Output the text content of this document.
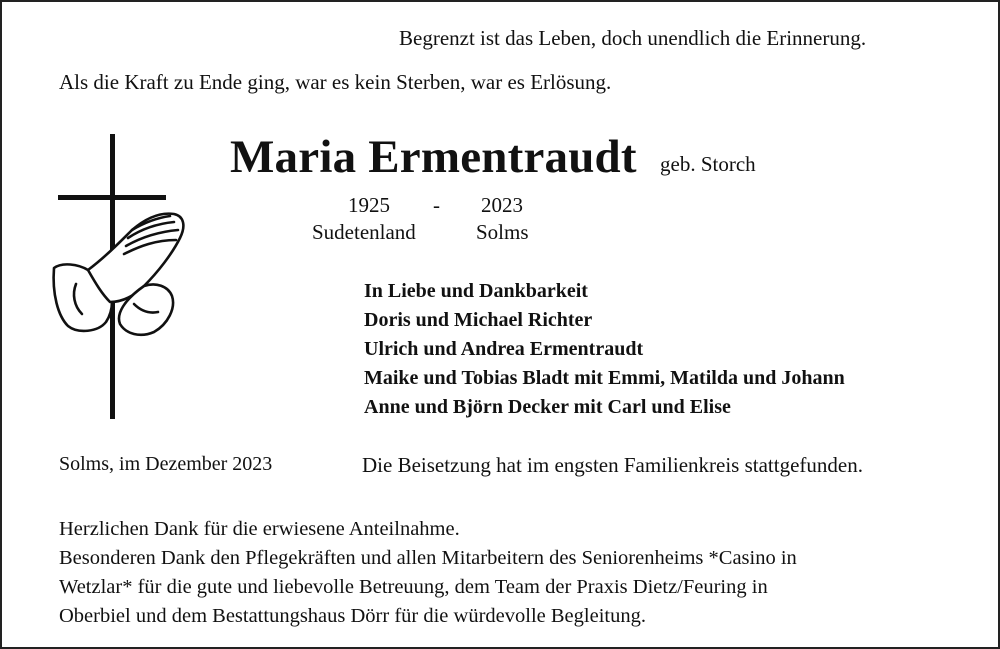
Begrenzt ist das Leben, doch unendlich die Erinnerung.
Als die Kraft zu Ende ging, war es kein Sterben, war es Erlösung.
Maria Ermentraudt geb. Storch
1925 - 2023
Sudetenland	Solms
In Liebe und Dankbarkeit
Doris und Michael Richter
Ulrich und Andrea Ermentraudt
Maike und Tobias Bladt mit Emmi, Matilda und Johann
Anne und Björn Decker mit Carl und Elise
Solms, im Dezember 2023	Die Beisetzung hat im engsten Familienkreis stattgefunden.
Herzlichen Dank für die erwiesene Anteilnahme.
Besonderen Dank den Pflegekräften und allen Mitarbeitern des Seniorenheims *Casino in
Wetzlar* für die gute und liebevolle Betreuung, dem Team der Praxis Dietz/Feuring in
Oberbiel und dem Bestattungshaus Dörr für die würdevolle Begleitung.
